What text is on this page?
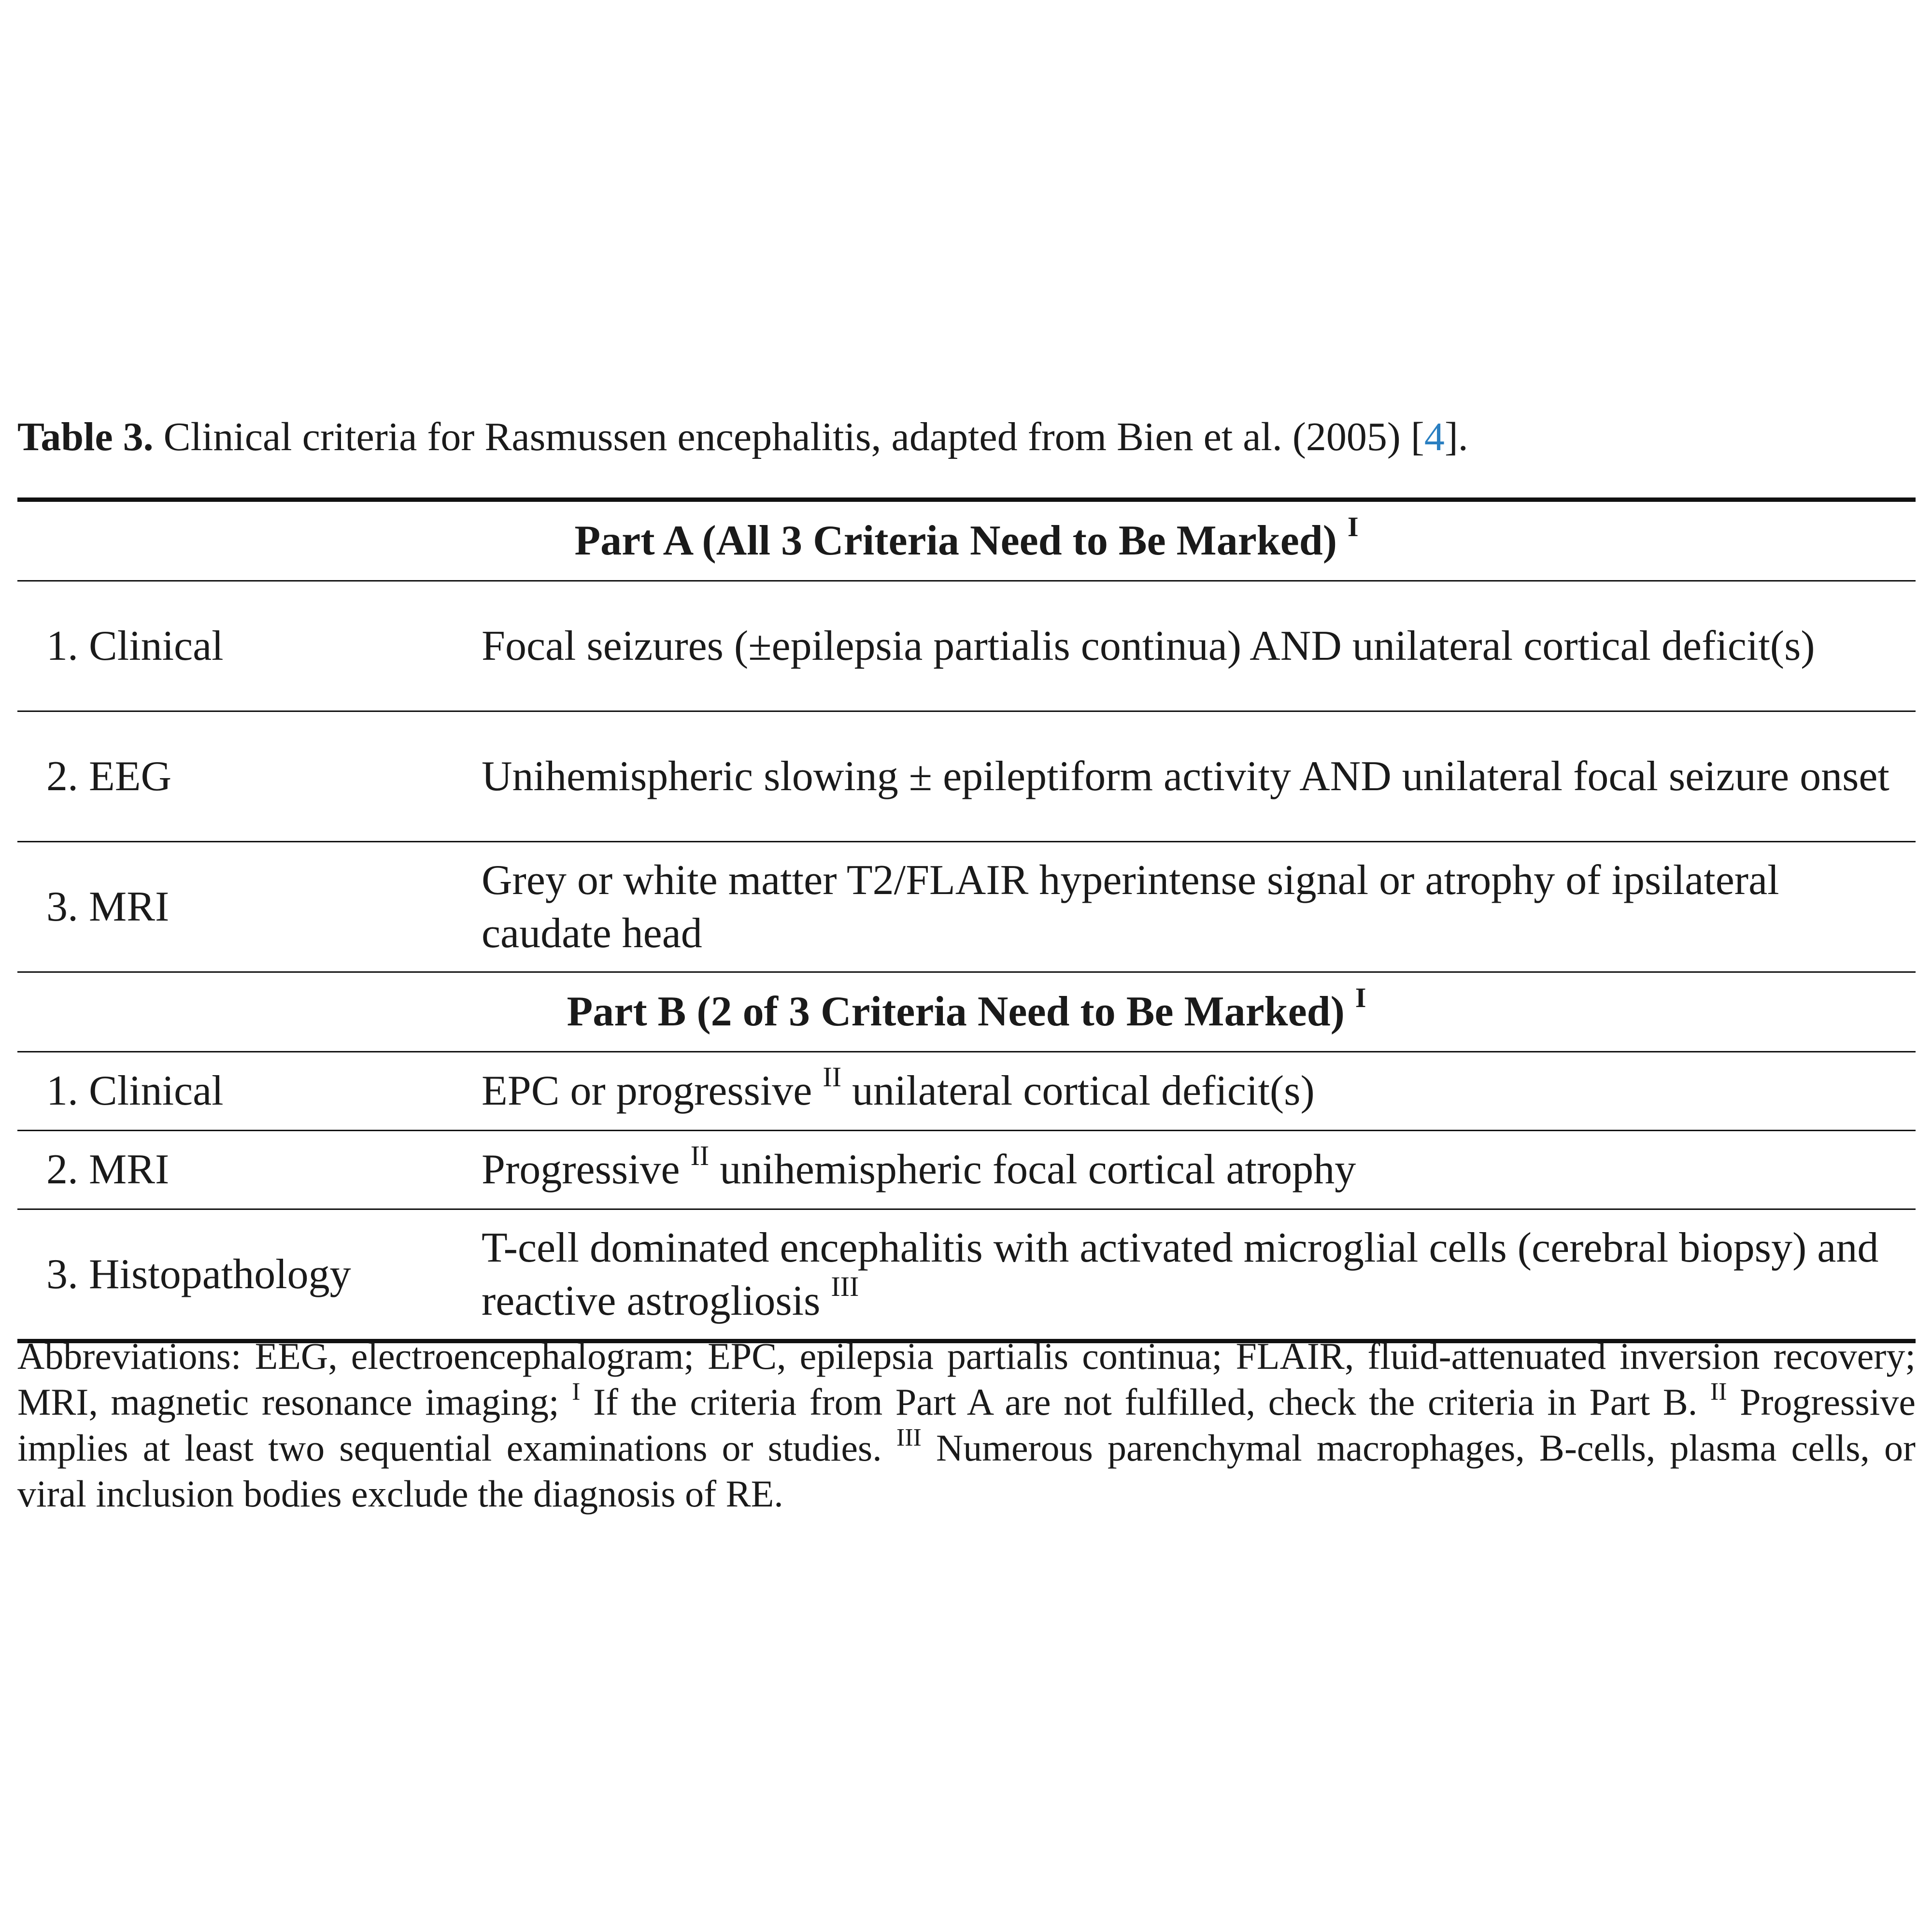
Table 3. Clinical criteria for Rasmussen encephalitis, adapted from Bien et al. (2005) [4].
Part A (All 3 Criteria Need to Be Marked) $^I$
1. Clinical	Focal seizures (±epilepsia partialis continua) AND unilateral cortical deficit(s)
2. EEG	Unihemispheric slowing ± epileptiform activity AND unilateral focal seizure onset
3. MRI	Grey or white matter T2/FLAIR hyperintense signal or atrophy of ipsilateral caudate head
Part B (2 of 3 Criteria Need to Be Marked) $^I$
1. Clinical	EPC or progressive $^{II}$ unilateral cortical deficit(s)
2. MRI	Progressive $^{II}$ unihemispheric focal cortical atrophy
3. Histopathology	T-cell dominated encephalitis with activated microglial cells (cerebral biopsy) and reactive astrogliosis $^{III}$
Abbreviations: EEG, electroencephalogram; EPC, epilepsia partialis continua; FLAIR, fluid-attenuated inversion recovery; MRI, magnetic resonance imaging; $^I$ If the criteria from Part A are not fulfilled, check the criteria in Part B. $^{II}$ Progressive implies at least two sequential examinations or studies. $^{III}$ Numerous parenchymal macrophages, B-cells, plasma cells, or viral inclusion bodies exclude the diagnosis of RE.
